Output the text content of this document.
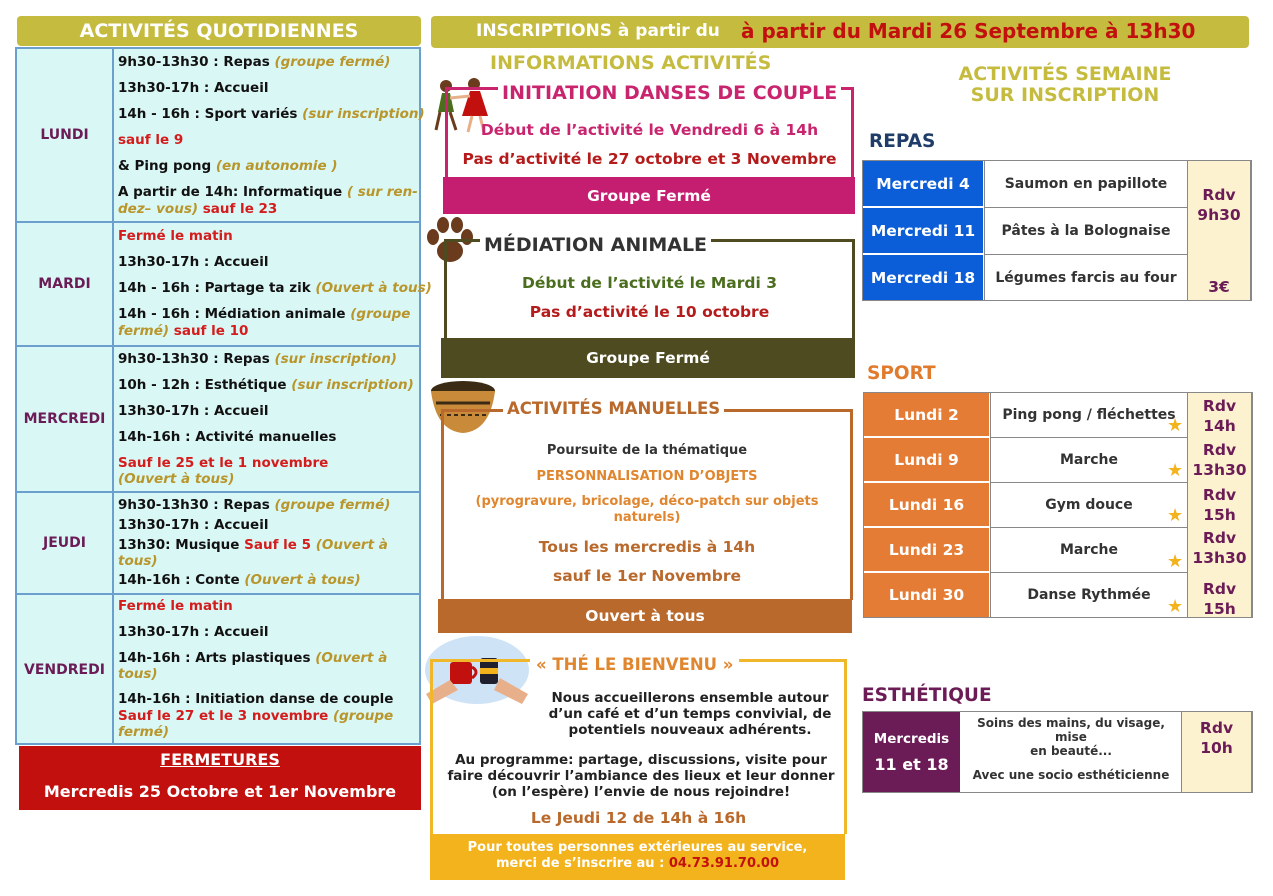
ACTIVITÉS QUOTIDIENNES
LUNDI
9h30-13h30 : Repas (groupe fermé)
13h30-17h : Accueil
14h - 16h : Sport variés (sur inscription)
sauf le 9
& Ping pong (en autonomie )
A partir de 14h: Informatique ( sur ren-
dez– vous) sauf le 23
MARDI
Fermé le matin
13h30-17h : Accueil
14h - 16h : Partage ta zik (Ouvert à tous)
14h - 16h : Médiation animale (groupe
fermé) sauf le 10
MERCREDI
9h30-13h30 : Repas (sur inscription)
10h - 12h : Esthétique (sur inscription)
13h30-17h : Accueil
14h-16h : Activité manuelles
Sauf le 25 et le 1 novembre
(Ouvert à tous)
JEUDI
9h30-13h30 : Repas (groupe fermé)
13h30-17h : Accueil
13h30: Musique Sauf le 5 (Ouvert à
tous)
14h-16h : Conte (Ouvert à tous)
VENDREDI
Fermé le matin
13h30-17h : Accueil
14h-16h : Arts plastiques (Ouvert à
tous)
14h-16h : Initiation danse de couple
Sauf le 27 et le 3 novembre (groupe
fermé)
FERMETURES
Mercredis 25 Octobre et 1er Novembre
INSCRIPTIONS à partir du à partir du Mardi 26 Septembre à 13h30
INFORMATIONS ACTIVITÉS
INITIATION DANSES DE COUPLE
Début de l’activité le Vendredi 6 à 14h
Pas d’activité le 27 octobre et 3 Novembre
Groupe Fermé
MÉDIATION ANIMALE
Début de l’activité le Mardi 3
Pas d’activité le 10 octobre
Groupe Fermé
ACTIVITÉS MANUELLES
Poursuite de la thématique
PERSONNALISATION D’OBJETS
(pyrogravure, bricolage, déco-patch sur objets naturels)
Tous les mercredis à 14h
sauf le 1er Novembre
Ouvert à tous
« THÉ LE BIENVENU »
Nous accueillerons ensemble autour d’un café et d’un temps convivial, de potentiels nouveaux adhérents.
Au programme: partage, discussions, visite pour faire découvrir l’ambiance des lieux et leur donner (on l’espère) l’envie de nous rejoindre!
Le Jeudi 12 de 14h à 16h
Pour toutes personnes extérieures au service,
merci de s’inscrire au : 04.73.91.70.00
ACTIVITÉS SEMAINE
SUR INSCRIPTION
REPAS
Mercredi 4
Mercredi 11
Mercredi 18
Saumon en papillote
Pâtes à la Bolognaise
Légumes farcis au four
Rdv
9h30
3€
SPORT
Lundi 2
Lundi 9
Lundi 16
Lundi 23
Lundi 30
Ping pong / fléchettes
Marche
Gym douce
Marche
Danse Rythmée
Rdv
14h
Rdv
13h30
Rdv
15h
Rdv
13h30
Rdv
15h
★
★
★
★
★
ESTHÉTIQUE
Mercredis
11 et 18
Soins des mains, du visage, mise
en beauté...
Avec une socio esthéticienne
Rdv
10h
